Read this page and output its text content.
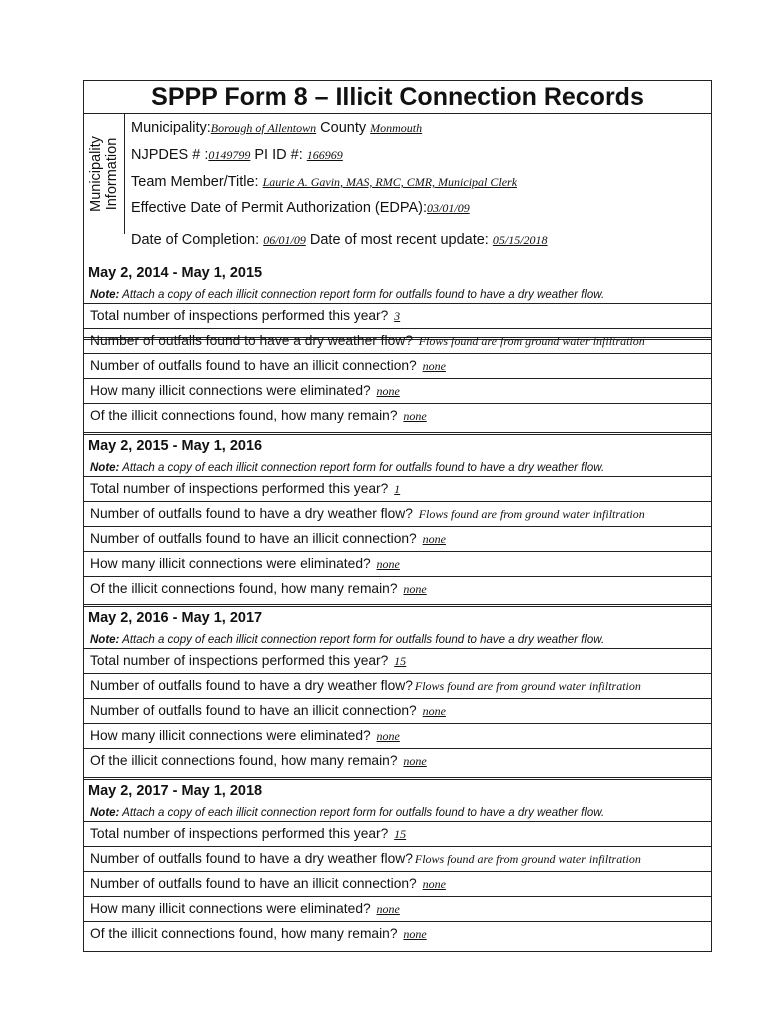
SPPP Form 8 – Illicit Connection Records
Municipality Information
Municipality:Borough of Allentown County Monmouth
NJPDES # :0149799 PI ID #: 166969
Team Member/Title: Laurie A. Gavin, MAS, RMC, CMR, Municipal Clerk
Effective Date of Permit Authorization (EDPA):03/01/09
Date of Completion: 06/01/09 Date of most recent update: 05/15/2018
May 2, 2014 - May 1, 2015
Note: Attach a copy of each illicit connection report form for outfalls found to have a dry weather flow.
Total number of inspections performed this year? 3
Number of outfalls found to have a dry weather flow? Flows found are from ground water infiltration
Number of outfalls found to have an illicit connection? none
How many illicit connections were eliminated? none
Of the illicit connections found, how many remain? none
May 2, 2015 - May 1, 2016
Note: Attach a copy of each illicit connection report form for outfalls found to have a dry weather flow.
Total number of inspections performed this year? 1
Number of outfalls found to have a dry weather flow? Flows found are from ground water infiltration
Number of outfalls found to have an illicit connection? none
How many illicit connections were eliminated? none
Of the illicit connections found, how many remain? none
May 2, 2016 - May 1, 2017
Note: Attach a copy of each illicit connection report form for outfalls found to have a dry weather flow.
Total number of inspections performed this year? 15
Number of outfalls found to have a dry weather flow? Flows found are from ground water infiltration
Number of outfalls found to have an illicit connection? none
How many illicit connections were eliminated? none
Of the illicit connections found, how many remain? none
May 2, 2017 - May 1, 2018
Note: Attach a copy of each illicit connection report form for outfalls found to have a dry weather flow.
Total number of inspections performed this year? 15
Number of outfalls found to have a dry weather flow? Flows found are from ground water infiltration
Number of outfalls found to have an illicit connection? none
How many illicit connections were eliminated? none
Of the illicit connections found, how many remain? none
